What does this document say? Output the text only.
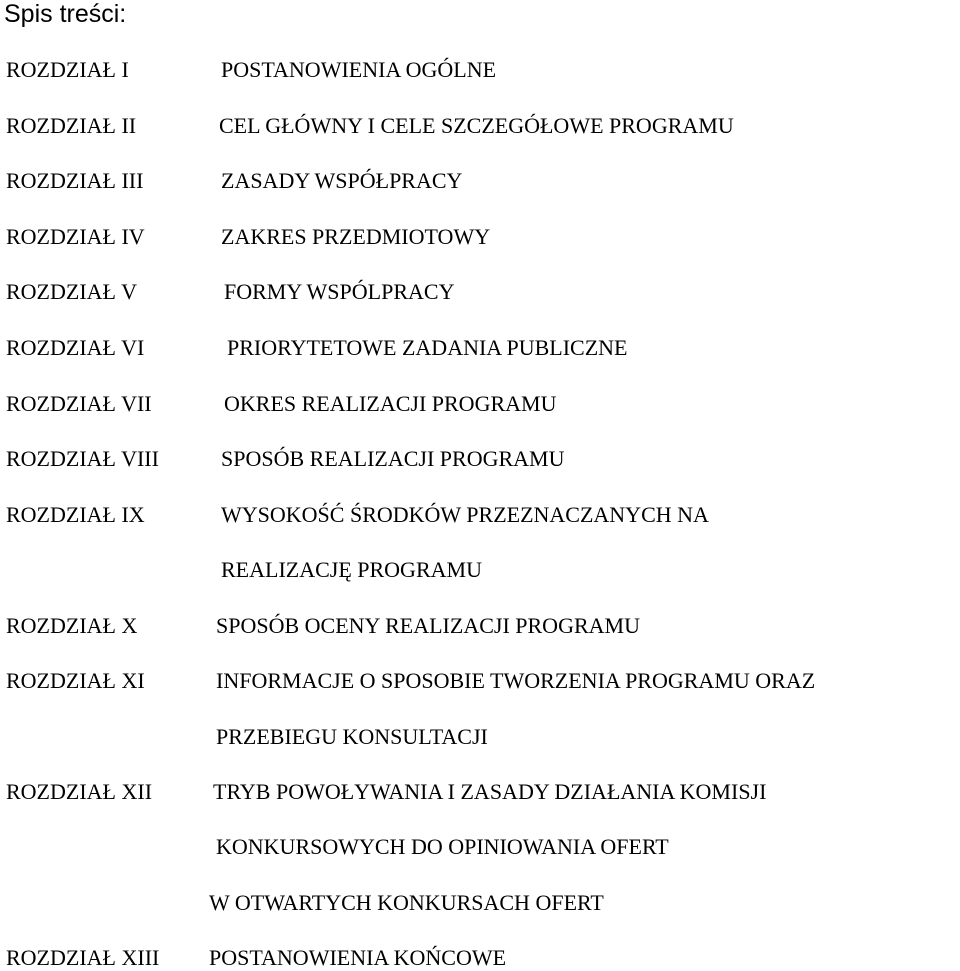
Spis treści:
ROZDZIAŁ I	POSTANOWIENIA OGÓLNE
ROZDZIAŁ II	CEL GŁÓWNY I CELE SZCZEGÓŁOWE PROGRAMU
ROZDZIAŁ III	ZASADY WSPÓŁPRACY
ROZDZIAŁ IV	ZAKRES PRZEDMIOTOWY
ROZDZIAŁ V	FORMY WSPÓLPRACY
ROZDZIAŁ VI	PRIORYTETOWE ZADANIA PUBLICZNE
ROZDZIAŁ VII	OKRES REALIZACJI PROGRAMU
ROZDZIAŁ VIII	SPOSÓB REALIZACJI PROGRAMU
ROZDZIAŁ IX	WYSOKOŚĆ ŚRODKÓW PRZEZNACZANYCH NA
REALIZACJĘ PROGRAMU
ROZDZIAŁ X	SPOSÓB OCENY REALIZACJI PROGRAMU
ROZDZIAŁ XI	INFORMACJE O SPOSOBIE TWORZENIA PROGRAMU ORAZ
PRZEBIEGU KONSULTACJI
ROZDZIAŁ XII	TRYB POWOŁYWANIA I ZASADY DZIAŁANIA KOMISJI
KONKURSOWYCH DO OPINIOWANIA OFERT
W OTWARTYCH KONKURSACH OFERT
ROZDZIAŁ XIII POSTANOWIENIA KOŃCOWE
